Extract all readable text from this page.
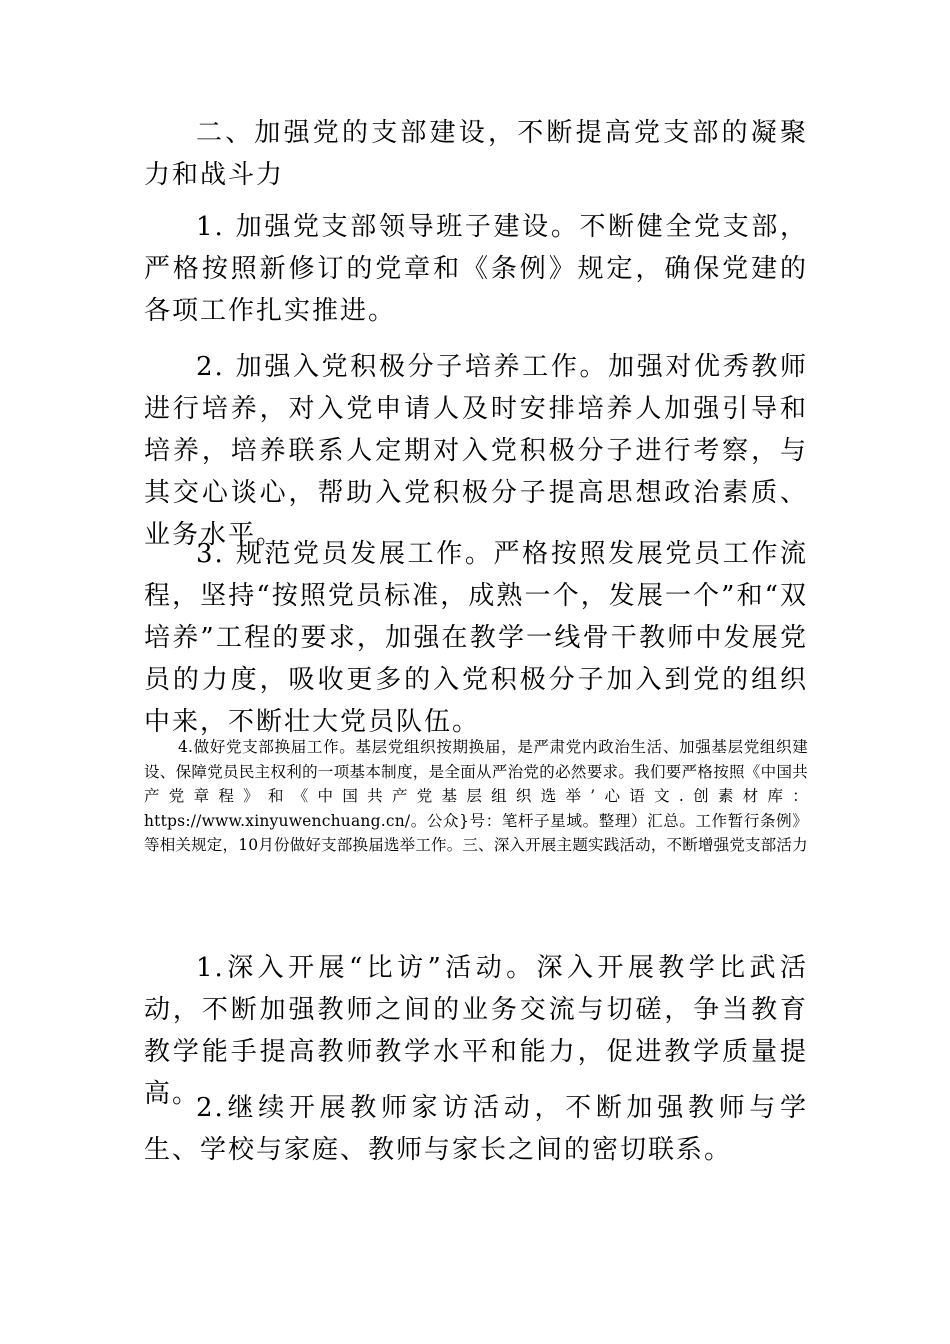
二、加强党的支部建设，不断提高党支部的凝聚力和战斗力

1. 加强党支部领导班子建设。不断健全党支部，严格按照新修订的党章和《条例》规定，确保党建的各项工作扎实推进。

2. 加强入党积极分子培养工作。加强对优秀教师进行培养，对入党申请人及时安排培养人加强引导和培养，培养联系人定期对入党积极分子进行考察，与其交心谈心，帮助入党积极分子提高思想政治素质、业务水平。

3. 规范党员发展工作。严格按照发展党员工作流程，坚持“按照党员标准，成熟一个，发展一个”和“双培养”工程的要求，加强在教学一线骨干教师中发展党员的力度，吸收更多的入党积极分子加入到党的组织中来，不断壮大党员队伍。

4.做好党支部换届工作。基层党组织按期换届，是严肃党内政治生活、加强基层党组织建设、保障党员民主权利的一项基本制度，是全面从严治党的必然要求。我们要严格按照《中国共产党章程》和《中国共产党基层组织选举’心语文.创素材库：https://www.xinyuwenchuang.cn/。公众}号：笔杆子星域。整理）汇总。工作暂行条例》等相关规定，10月份做好支部换届选举工作。三、深入开展主题实践活动，不断增强党支部活力

1.深入开展“比访”活动。深入开展教学比武活动，不断加强教师之间的业务交流与切磋，争当教育教学能手提高教师教学水平和能力，促进教学质量提高。

2.继续开展教师家访活动，不断加强教师与学生、学校与家庭、教师与家长之间的密切联系。
